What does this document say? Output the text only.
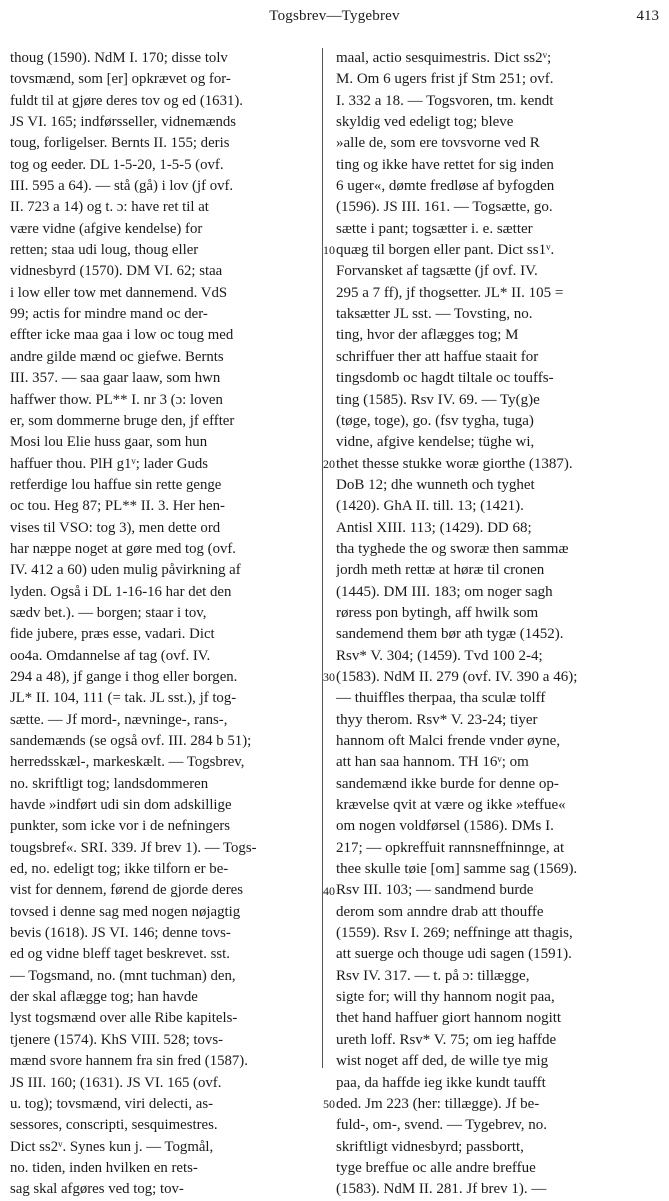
Togsbrev—Tygebrev	413
thoug (1590). NdM I. 170; disse tolv
tovsmænd, som [er] opkrævet og for-
fuldt til at gjøre deres tov og ed (1631).
JS VI. 165; indførsseller, vidnemænds
toug, forligelser. Bernts II. 155; deris
tog og eeder. DL 1-5-20, 1-5-5 (ovf.
III. 595 a 64). — stå (gå) i lov (jf ovf.
II. 723 a 14) og t. ɔ: have ret til at
være vidne (afgive kendelse) for
retten; staa udi loug, thoug eller
vidnesbyrd (1570). DM VI. 62; staa
i low eller tow met dannemend. VdS
99; actis for mindre mand oc der-
effter icke maa gaa i low oc toug med
andre gilde mænd oc giefwe. Bernts
III. 357. — saa gaar laaw, som hwn
haffwer thow. PL** I. nr 3 (ɔ: loven
er, som dommerne bruge den, jf effter
Mosi lou Elie huss gaar, som hun
haffuer thou. PlH g1ᵛ; lader Guds
retferdige lou haffue sin rette genge
oc tou. Heg 87; PL** II. 3. Her hen-
vises til VSO: tog 3), men dette ord
har næppe noget at gøre med tog (ovf.
IV. 412 a 60) uden mulig påvirkning af
lyden. Også i DL 1-16-16 har det den
sædv bet.). — borgen; staar i tov,
fide jubere, præs esse, vadari. Dict
oo4a. Omdannelse af tag (ovf. IV.
294 a 48), jf gange i thog eller borgen.
JL* II. 104, 111 (= tak. JL sst.), jf tog-
sætte. — Jf mord-, nævninge-, rans-,
sandemænds (se også ovf. III. 284 b 51);
herredsskæl-, markeskælt. — Togsbrev,
no. skriftligt tog; landsdommeren
havde »indført udi sin dom adskillige
punkter, som icke vor i de nefningers
tougsbref«. SRI. 339. Jf brev 1). — Togs-
ed, no. edeligt tog; ikke tilforn er be-
vist for dennem, førend de gjorde deres
tovsed i denne sag med nogen nøjagtig
bevis (1618). JS VI. 146; denne tovs-
ed og vidne bleff taget beskrevet. sst.
— Togsmand, no. (mnt tuchman) den,
der skal aflægge tog; han havde
lyst togsmænd over alle Ribe kapitels-
tjenere (1574). KhS VIII. 528; tovs-
mænd svore hannem fra sin fred (1587).
JS III. 160; (1631). JS VI. 165 (ovf.
u. tog); tovsmænd, viri delecti, as-
sessores, conscripti, sesquimestres.
Dict ss2ᵛ. Synes kun j. — Togmål,
no. tiden, inden hvilken en rets-
sag skal afgøres ved tog; tov-
maal, actio sesquimestris. Dict ss2ᵛ;
M. Om 6 ugers frist jf Stm 251; ovf.
I. 332 a 18. — Togsvoren, tm. kendt
skyldig ved edeligt tog; bleve
»alle de, som ere tovsvorne ved R
ting og ikke have rettet for sig inden
6 uger«, dømte fredløse af byfogden
(1596). JS III. 161. — Togsætte, go.
sætte i pant; togsætter i. e. sætter
quæg til borgen eller pant. Dict ss1ᵛ.
Forvansket af tagsætte (jf ovf. IV.
295 a 7 ff), jf thogsetter. JL* II. 105 =
taksætter JL sst. — Tovsting, no.
ting, hvor der aflægges tog; M
schriffuer ther att haffue staait for
tingsdomb oc hagdt tiltale oc touffs-
ting (1585). Rsv IV. 69. — Ty(g)e
(tøge, toge), go. (fsv tygha, tuga)
vidne, afgive kendelse; tüghe wi,
thet thesse stukke woræ giorthe (1387).
DoB 12; dhe wunneth och tyghet
(1420). GhA II. till. 13; (1421).
Antisl XIII. 113; (1429). DD 68;
tha tyghede the og sworæ then sammæ
jordh meth rettæ at høræ til cronen
(1445). DM III. 183; om noger sagh
røress pon bytingh, aff hwilk som
sandemend them bør ath tygæ (1452).
Rsv* V. 304; (1459). Tvd 100 2-4;
(1583). NdM II. 279 (ovf. IV. 390 a 46);
— thuiffles therpaa, tha sculæ tolff
thyy therom. Rsv* V. 23-24; tiyer
hannom oft Malci frende vnder øyne,
att han saa hannom. TH 16ᵛ; om
sandemænd ikke burde for denne op-
krævelse qvit at være og ikke »teffue«
om nogen voldførsel (1586). DMs I.
217; — opkreffuit rannsneffninnge, at
thee skulle tøie [om] samme sag (1569).
Rsv III. 103; — sandmend burde
derom som anndre drab att thouffe
(1559). Rsv I. 269; neffninge att thagis,
att suerge och thouge udi sagen (1591).
Rsv IV. 317. — t. på ɔ: tillægge,
sigte for; will thy hannom nogit paa,
thet hand haffuer giort hannom nogitt
ureth loff. Rsv* V. 75; om ieg haffde
wist noget aff ded, de wille tye mig
paa, da haffde ieg ikke kundt taufft
ded. Jm 223 (her: tillægge). Jf be-
fuld-, om-, svend. — Tygebrev, no.
skriftligt vidnesbyrd; passbortt,
tyge breffue oc alle andre breffue
(1583). NdM II. 281. Jf brev 1). —
10
20
30
40
50
